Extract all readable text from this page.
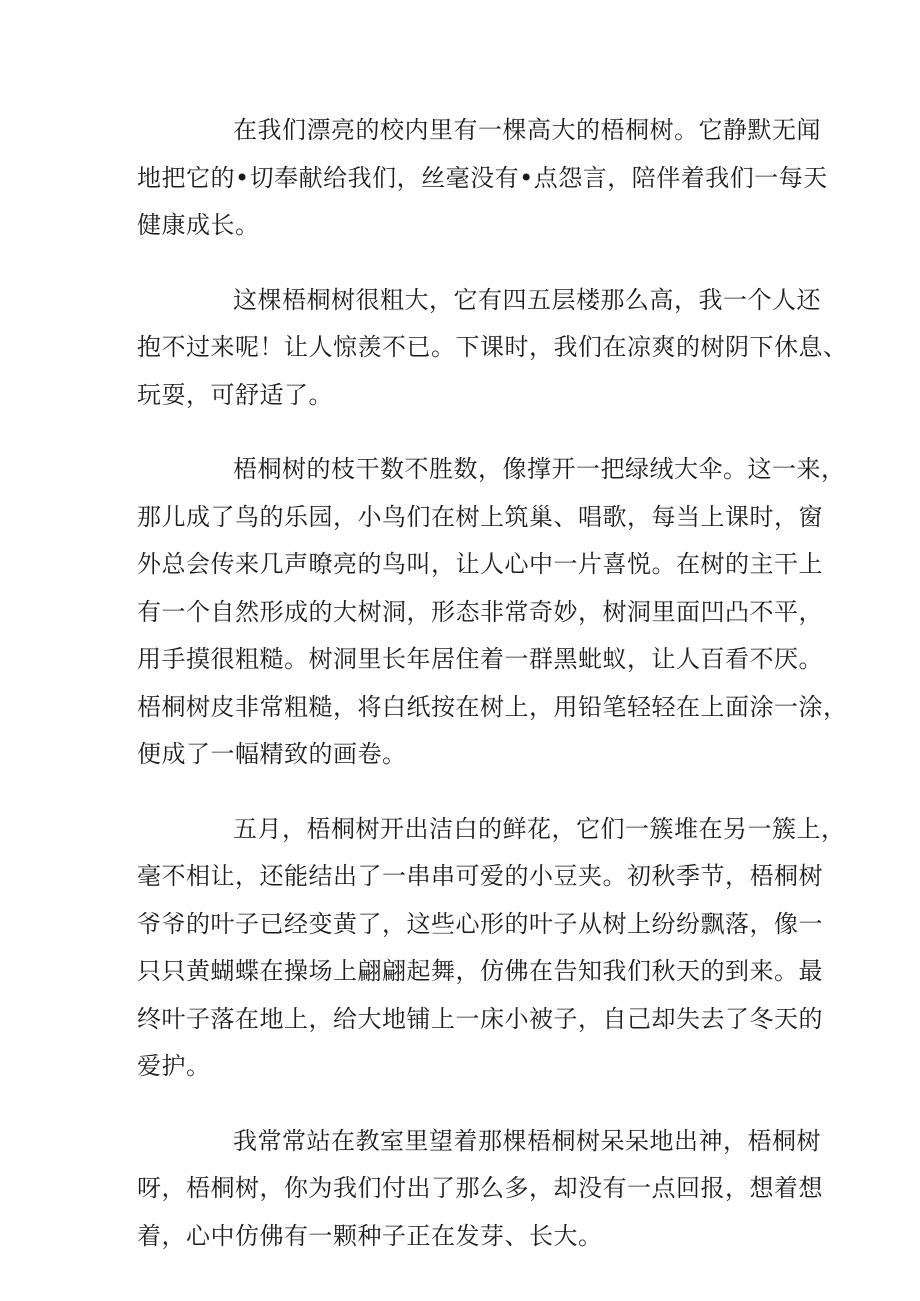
在我们漂亮的校内里有一棵高大的梧桐树。它静默无闻
地把它的•切奉献给我们，丝毫没有•点怨言，陪伴着我们一每天
健康成长。

这棵梧桐树很粗大，它有四五层楼那么高，我一个人还
抱不过来呢！让人惊羡不已。下课时，我们在凉爽的树阴下休息、
玩耍，可舒适了。

梧桐树的枝干数不胜数，像撑开一把绿绒大伞。这一来，
那儿成了鸟的乐园，小鸟们在树上筑巢、唱歌，每当上课时，窗
外总会传来几声暸亮的鸟叫，让人心中一片喜悦。在树的主干上
有一个自然形成的大树洞，形态非常奇妙，树洞里面凹凸不平，
用手摸很粗糙。树洞里长年居住着一群黑蚍蚁，让人百看不厌。
梧桐树皮非常粗糙，将白纸按在树上，用铅笔轻轻在上面涂一涂，
便成了一幅精致的画卷。

五月，梧桐树开出洁白的鲜花，它们一簇堆在另一簇上，
毫不相让，还能结出了一串串可爱的小豆夹。初秋季节，梧桐树
爷爷的叶子已经变黄了，这些心形的叶子从树上纷纷飘落，像一
只只黄蝴蝶在操场上翩翩起舞，仿佛在告知我们秋天的到来。最
终叶子落在地上，给大地铺上一床小被子，自己却失去了冬天的
爱护。

我常常站在教室里望着那棵梧桐树呆呆地出神，梧桐树
呀，梧桐树，你为我们付出了那么多，却没有一点回报，想着想
着，心中仿佛有一颗种子正在发芽、长大。
